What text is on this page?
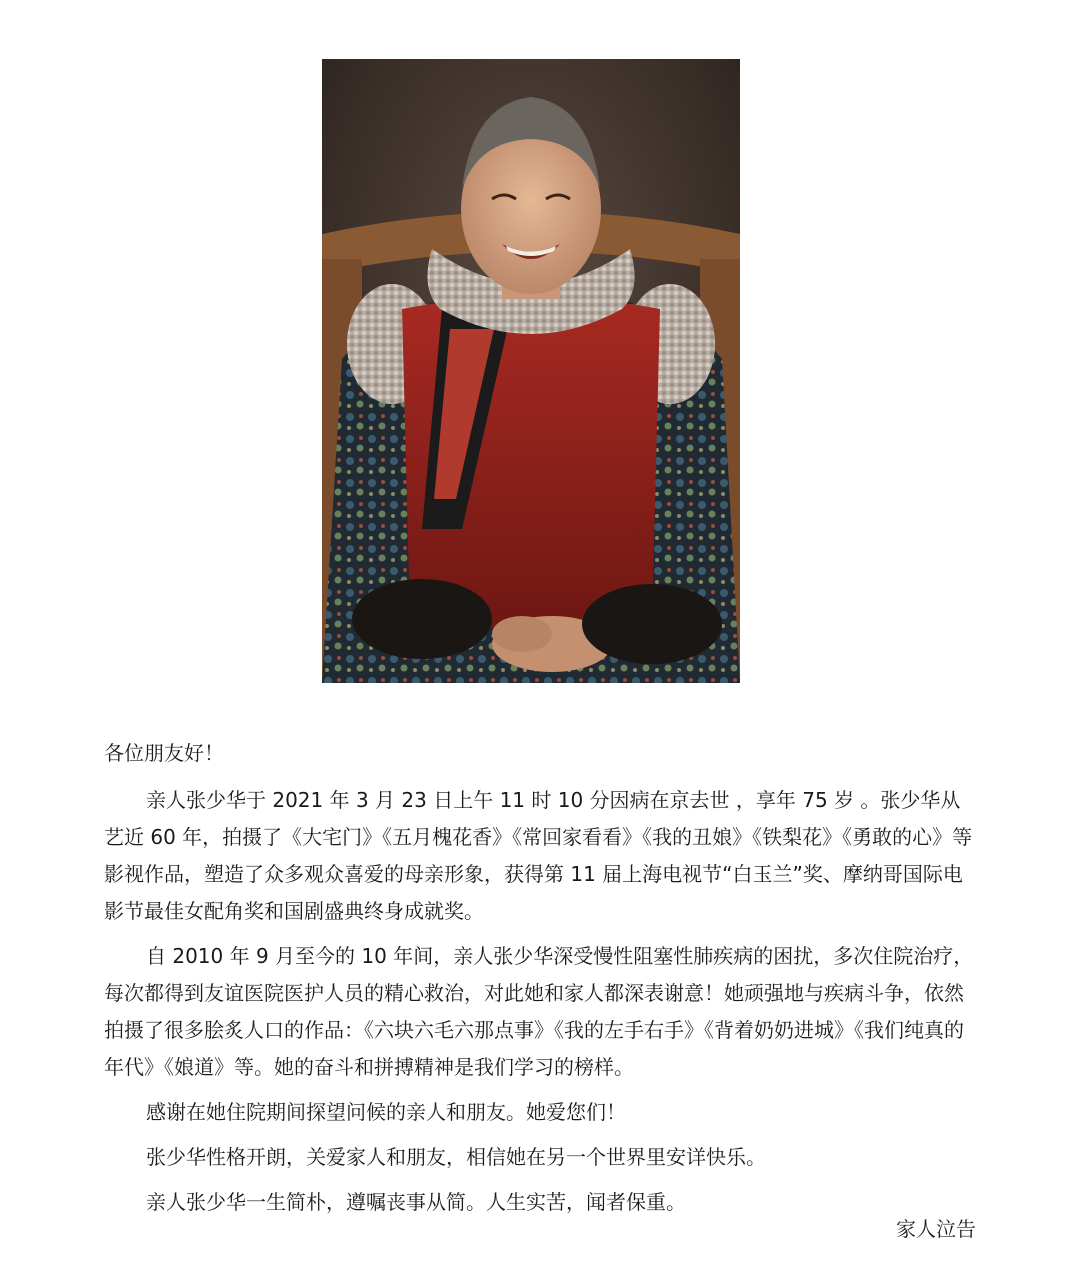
各位朋友好！

亲人张少华于 2021 年 3 月 23 日上午 11 时 10 分因病在京去世 ，享年 75 岁 。张少华从艺近 60 年，拍摄了《大宅门》《五月槐花香》《常回家看看》《我的丑娘》《铁梨花》《勇敢的心》等影视作品，塑造了众多观众喜爱的母亲形象，获得第 11 届上海电视节“白玉兰”奖、摩纳哥国际电影节最佳女配角奖和国剧盛典终身成就奖。

自 2010 年 9 月至今的 10 年间，亲人张少华深受慢性阻塞性肺疾病的困扰，多次住院治疗，每次都得到友谊医院医护人员的精心救治，对此她和家人都深表谢意！她顽强地与疾病斗争，依然拍摄了很多脍炙人口的作品：《六块六毛六那点事》《我的左手右手》《背着奶奶进城》《我们纯真的年代》《娘道》等。她的奋斗和拼搏精神是我们学习的榜样。

感谢在她住院期间探望问候的亲人和朋友。她爱您们！

张少华性格开朗，关爱家人和朋友，相信她在另一个世界里安详快乐。

亲人张少华一生简朴，遵嘱丧事从简。人生实苦，闻者保重。

家人泣告
